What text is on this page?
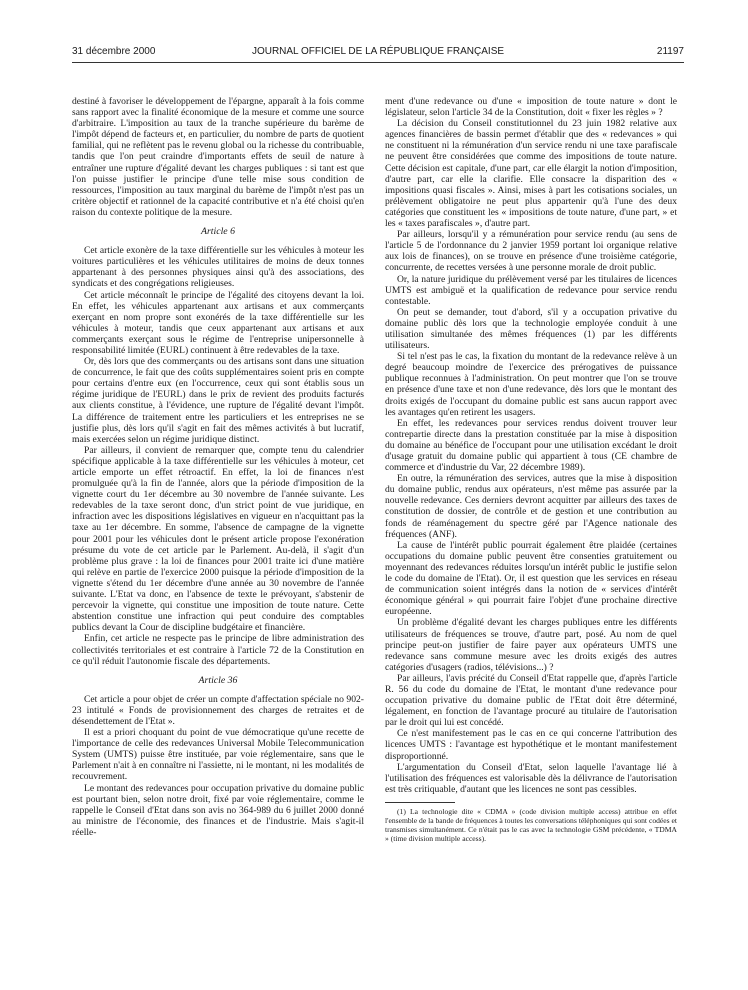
31 décembre 2000	JOURNAL OFFICIEL DE LA RÉPUBLIQUE FRANÇAISE	21197

destiné à favoriser le développement de l'épargne, apparaît à la fois comme sans rapport avec la finalité économique de la mesure et comme une source d'arbitraire. L'imposition au taux de la tranche supérieure du barème de l'impôt dépend de facteurs et, en particulier, du nombre de parts de quotient familial, qui ne reflètent pas le revenu global ou la richesse du contribuable, tandis que l'on peut craindre d'importants effets de seuil de nature à entraîner une rupture d'égalité devant les charges publiques : si tant est que l'on puisse justifier le principe d'une telle mise sous condition de ressources, l'imposition au taux marginal du barème de l'impôt n'est pas un critère objectif et rationnel de la capacité contributive et n'a été choisi qu'en raison du contexte politique de la mesure.

Article 6

Cet article exonère de la taxe différentielle sur les véhicules à moteur les voitures particulières et les véhicules utilitaires de moins de deux tonnes appartenant à des personnes physiques ainsi qu'à des associations, des syndicats et des congrégations religieuses.

Cet article méconnaît le principe de l'égalité des citoyens devant la loi. En effet, les véhicules appartenant aux artisans et aux commerçants exerçant en nom propre sont exonérés de la taxe différentielle sur les véhicules à moteur, tandis que ceux appartenant aux artisans et aux commerçants exerçant sous le régime de l'entreprise unipersonnelle à responsabilité limitée (EURL) continuent à être redevables de la taxe.

Or, dès lors que des commerçants ou des artisans sont dans une situation de concurrence, le fait que des coûts supplémentaires soient pris en compte pour certains d'entre eux (en l'occurrence, ceux qui sont établis sous un régime juridique de l'EURL) dans le prix de revient des produits facturés aux clients constitue, à l'évidence, une rupture de l'égalité devant l'impôt. La différence de traitement entre les particuliers et les entreprises ne se justifie plus, dès lors qu'il s'agit en fait des mêmes activités à but lucratif, mais exercées selon un régime juridique distinct.

Par ailleurs, il convient de remarquer que, compte tenu du calendrier spécifique applicable à la taxe différentielle sur les véhicules à moteur, cet article emporte un effet rétroactif. En effet, la loi de finances n'est promulguée qu'à la fin de l'année, alors que la période d'imposition de la vignette court du 1er décembre au 30 novembre de l'année suivante. Les redevables de la taxe seront donc, d'un strict point de vue juridique, en infraction avec les dispositions législatives en vigueur en n'acquittant pas la taxe au 1er décembre. En somme, l'absence de campagne de la vignette pour 2001 pour les véhicules dont le présent article propose l'exonération présume du vote de cet article par le Parlement. Au-delà, il s'agit d'un problème plus grave : la loi de finances pour 2001 traite ici d'une matière qui relève en partie de l'exercice 2000 puisque la période d'imposition de la vignette s'étend du 1er décembre d'une année au 30 novembre de l'année suivante. L'Etat va donc, en l'absence de texte le prévoyant, s'abstenir de percevoir la vignette, qui constitue une imposition de toute nature. Cette abstention constitue une infraction qui peut conduire des comptables publics devant la Cour de discipline budgétaire et financière.

Enfin, cet article ne respecte pas le principe de libre administration des collectivités territoriales et est contraire à l'article 72 de la Constitution en ce qu'il réduit l'autonomie fiscale des départements.

Article 36

Cet article a pour objet de créer un compte d'affectation spéciale no 902-23 intitulé « Fonds de provisionnement des charges de retraites et de désendettement de l'Etat ».

Il est a priori choquant du point de vue démocratique qu'une recette de l'importance de celle des redevances Universal Mobile Telecommunication System (UMTS) puisse être instituée, par voie réglementaire, sans que le Parlement n'ait à en connaître ni l'assiette, ni le montant, ni les modalités de recouvrement.

Le montant des redevances pour occupation privative du domaine public est pourtant bien, selon notre droit, fixé par voie réglementaire, comme le rappelle le Conseil d'Etat dans son avis no 364-989 du 6 juillet 2000 donné au ministre de l'économie, des finances et de l'industrie. Mais s'agit-il réelle-

ment d'une redevance ou d'une « imposition de toute nature » dont le législateur, selon l'article 34 de la Constitution, doit « fixer les règles » ?

La décision du Conseil constitutionnel du 23 juin 1982 relative aux agences financières de bassin permet d'établir que des « redevances » qui ne constituent ni la rémunération d'un service rendu ni une taxe parafiscale ne peuvent être considérées que comme des impositions de toute nature. Cette décision est capitale, d'une part, car elle élargit la notion d'imposition, d'autre part, car elle la clarifie. Elle consacre la disparition des « impositions quasi fiscales ». Ainsi, mises à part les cotisations sociales, un prélèvement obligatoire ne peut plus appartenir qu'à l'une des deux catégories que constituent les « impositions de toute nature, d'une part, » et les « taxes parafiscales », d'autre part.

Par ailleurs, lorsqu'il y a rémunération pour service rendu (au sens de l'article 5 de l'ordonnance du 2 janvier 1959 portant loi organique relative aux lois de finances), on se trouve en présence d'une troisième catégorie, concurrente, de recettes versées à une personne morale de droit public.

Or, la nature juridique du prélèvement versé par les titulaires de licences UMTS est ambiguë et la qualification de redevance pour service rendu contestable.

On peut se demander, tout d'abord, s'il y a occupation privative du domaine public dès lors que la technologie employée conduit à une utilisation simultanée des mêmes fréquences (1) par les différents utilisateurs.

Si tel n'est pas le cas, la fixation du montant de la redevance relève à un degré beaucoup moindre de l'exercice des prérogatives de puissance publique reconnues à l'administration. On peut montrer que l'on se trouve en présence d'une taxe et non d'une redevance, dès lors que le montant des droits exigés de l'occupant du domaine public est sans aucun rapport avec les avantages qu'en retirent les usagers.

En effet, les redevances pour services rendus doivent trouver leur contrepartie directe dans la prestation constituée par la mise à disposition du domaine au bénéfice de l'occupant pour une utilisation excédant le droit d'usage gratuit du domaine public qui appartient à tous (CE chambre de commerce et d'industrie du Var, 22 décembre 1989).

En outre, la rémunération des services, autres que la mise à disposition du domaine public, rendus aux opérateurs, n'est même pas assurée par la nouvelle redevance. Ces derniers devront acquitter par ailleurs des taxes de constitution de dossier, de contrôle et de gestion et une contribution au fonds de réaménagement du spectre géré par l'Agence nationale des fréquences (ANF).

La cause de l'intérêt public pourrait également être plaidée (certaines occupations du domaine public peuvent être consenties gratuitement ou moyennant des redevances réduites lorsqu'un intérêt public le justifie selon le code du domaine de l'Etat). Or, il est question que les services en réseau de communication soient intégrés dans la notion de « services d'intérêt économique général » qui pourrait faire l'objet d'une prochaine directive européenne.

Un problème d'égalité devant les charges publiques entre les différents utilisateurs de fréquences se trouve, d'autre part, posé. Au nom de quel principe peut-on justifier de faire payer aux opérateurs UMTS une redevance sans commune mesure avec les droits exigés des autres catégories d'usagers (radios, télévisions...) ?

Par ailleurs, l'avis précité du Conseil d'Etat rappelle que, d'après l'article R. 56 du code du domaine de l'Etat, le montant d'une redevance pour occupation privative du domaine public de l'Etat doit être déterminé, légalement, en fonction de l'avantage procuré au titulaire de l'autorisation par le droit qui lui est concédé.

Ce n'est manifestement pas le cas en ce qui concerne l'attribution des licences UMTS : l'avantage est hypothétique et le montant manifestement disproportionné.

L'argumentation du Conseil d'Etat, selon laquelle l'avantage lié à l'utilisation des fréquences est valorisable dès la délivrance de l'autorisation est très critiquable, d'autant que les licences ne sont pas cessibles.

(1) La technologie dite « CDMA » (code division multiple access) attribue en effet l'ensemble de la bande de fréquences à toutes les conversations téléphoniques qui sont codées et transmises simultanément. Ce n'était pas le cas avec la technologie GSM précédente, « TDMA » (time division multiple access).
